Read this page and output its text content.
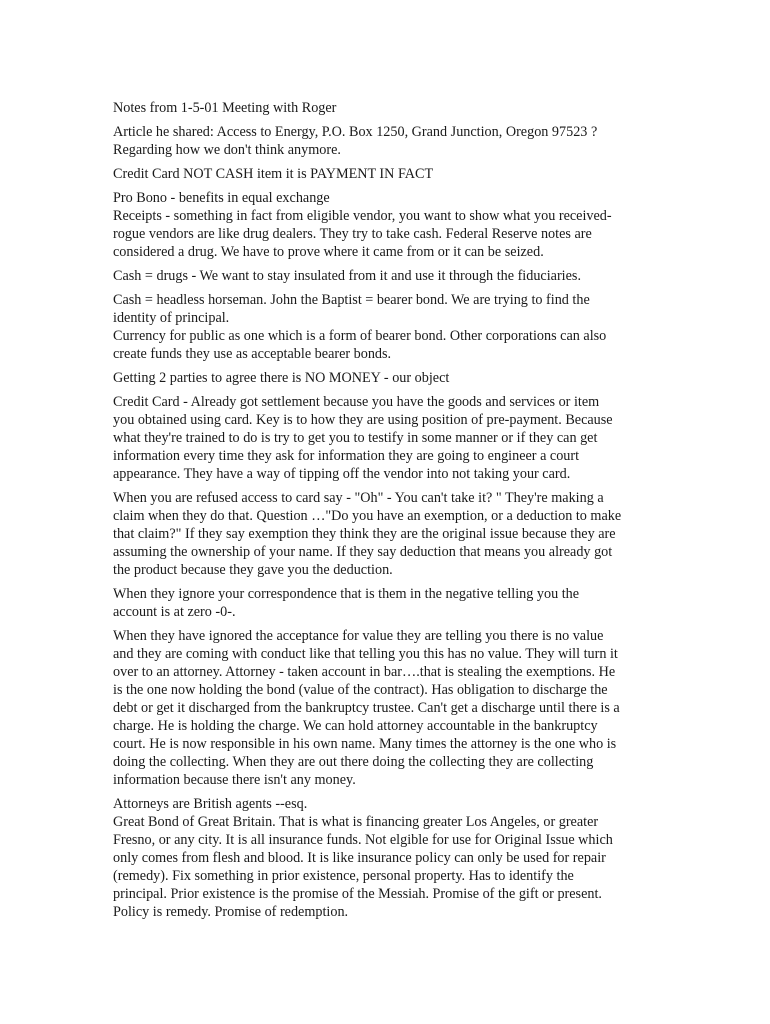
Notes from 1-5-01 Meeting with Roger

Article he shared: Access to Energy, P.O. Box 1250, Grand Junction, Oregon 97523 ?
Regarding how we don't think anymore.

Credit Card NOT CASH item it is PAYMENT IN FACT

Pro Bono - benefits in equal exchange

Receipts - something in fact from eligible vendor, you want to show what you received-
rogue vendors are like drug dealers. They try to take cash. Federal Reserve notes are
considered a drug. We have to prove where it came from or it can be seized.

Cash = drugs - We want to stay insulated from it and use it through the fiduciaries.

Cash = headless horseman. John the Baptist = bearer bond. We are trying to find the
identity of principal.

Currency for public as one which is a form of bearer bond. Other corporations can also
create funds they use as acceptable bearer bonds.

Getting 2 parties to agree there is NO MONEY - our object

Credit Card - Already got settlement because you have the goods and services or item
you obtained using card. Key is to how they are using position of pre-payment. Because
what they're trained to do is try to get you to testify in some manner or if they can get
information every time they ask for information they are going to engineer a court
appearance. They have a way of tipping off the vendor into not taking your card.

When you are refused access to card say - "Oh" - You can't take it? " They're making a
claim when they do that. Question …"Do you have an exemption, or a deduction to make
that claim?" If they say exemption they think they are the original issue because they are
assuming the ownership of your name. If they say deduction that means you already got
the product because they gave you the deduction.

When they ignore your correspondence that is them in the negative telling you the
account is at zero -0-.

When they have ignored the acceptance for value they are telling you there is no value
and they are coming with conduct like that telling you this has no value. They will turn it
over to an attorney. Attorney - taken account in bar….that is stealing the exemptions. He
is the one now holding the bond (value of the contract). Has obligation to discharge the
debt or get it discharged from the bankruptcy trustee. Can't get a discharge until there is a
charge. He is holding the charge. We can hold attorney accountable in the bankruptcy
court. He is now responsible in his own name. Many times the attorney is the one who is
doing the collecting. When they are out there doing the collecting they are collecting
information because there isn't any money.

Attorneys are British agents --esq.

Great Bond of Great Britain. That is what is financing greater Los Angeles, or greater
Fresno, or any city. It is all insurance funds. Not elgible for use for Original Issue which
only comes from flesh and blood. It is like insurance policy can only be used for repair
(remedy). Fix something in prior existence, personal property. Has to identify the
principal. Prior existence is the promise of the Messiah. Promise of the gift or present.
Policy is remedy. Promise of redemption.
